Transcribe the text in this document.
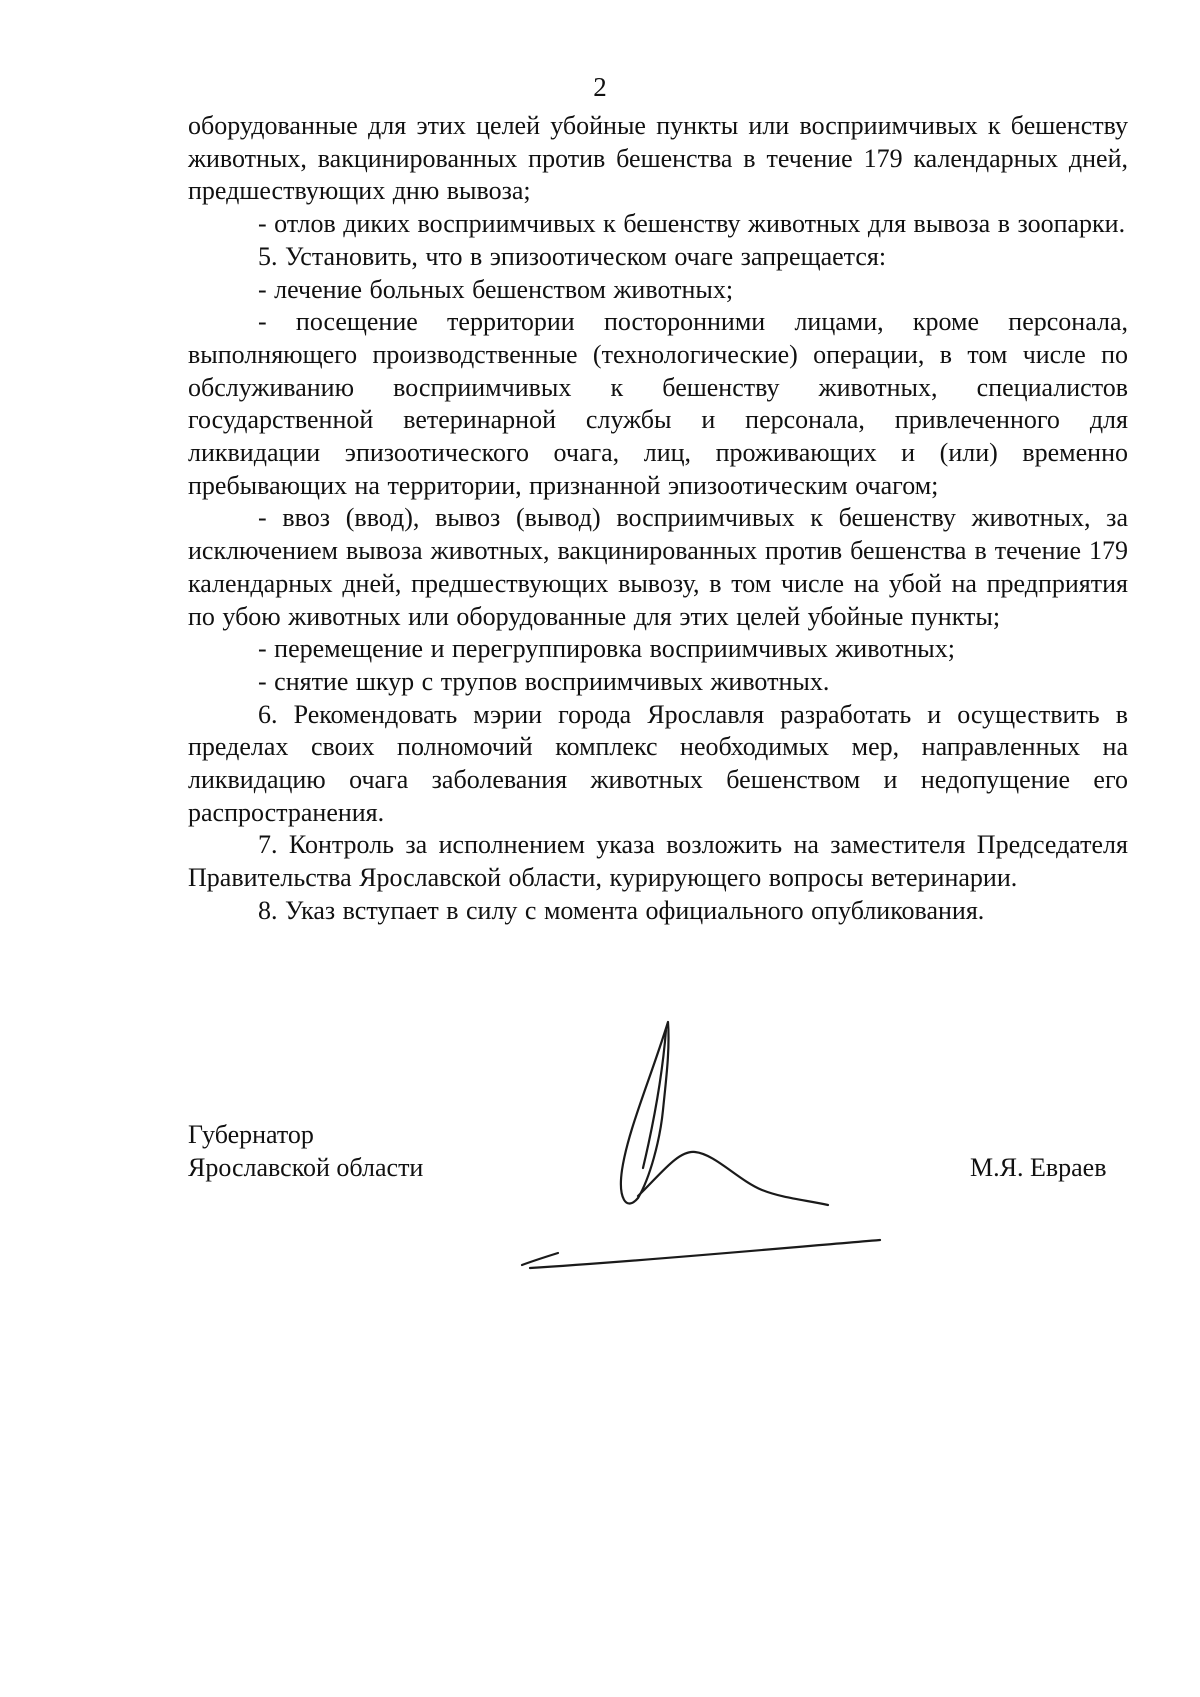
2

оборудованные для этих целей убойные пункты или восприимчивых к бешенству животных, вакцинированных против бешенства в течение 179 календарных дней, предшествующих дню вывоза;

- отлов диких восприимчивых к бешенству животных для вывоза в зоопарки.

5. Установить, что в эпизоотическом очаге запрещается:

- лечение больных бешенством животных;

- посещение территории посторонними лицами, кроме персонала, выполняющего производственные (технологические) операции, в том числе по обслуживанию восприимчивых к бешенству животных, специалистов государственной ветеринарной службы и персонала, привлеченного для ликвидации эпизоотического очага, лиц, проживающих и (или) временно пребывающих на территории, признанной эпизоотическим очагом;

- ввоз (ввод), вывоз (вывод) восприимчивых к бешенству животных, за исключением вывоза животных, вакцинированных против бешенства в течение 179 календарных дней, предшествующих вывозу, в том числе на убой на предприятия по убою животных или оборудованные для этих целей убойные пункты;

- перемещение и перегруппировка восприимчивых животных;

- снятие шкур с трупов восприимчивых животных.

6. Рекомендовать мэрии города Ярославля разработать и осуществить в пределах своих полномочий комплекс необходимых мер, направленных на ликвидацию очага заболевания животных бешенством и недопущение его распространения.

7. Контроль за исполнением указа возложить на заместителя Председателя Правительства Ярославской области, курирующего вопросы ветеринарии.

8. Указ вступает в силу с момента официального опубликования.

Губернатор
Ярославской области	М.Я. Евраев
